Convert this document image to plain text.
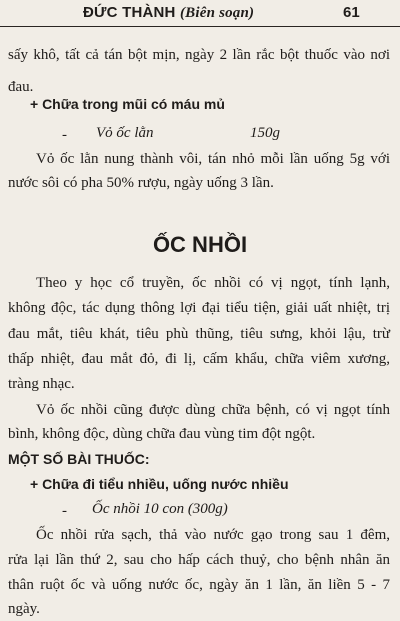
ĐỨC THÀNH (Biên soạn)	61
sấy khô, tất cả tán bột mịn, ngày 2 lần rắc bột thuốc vào nơi
đau.
+ Chữa trong mũi có máu mủ
- Vỏ ốc lằn	150g
Vỏ ốc lằn nung thành vôi, tán nhỏ mỗi lần uống 5g với
nước sôi có pha 50% rượu, ngày uống 3 lần.
ỐC NHỒI
Theo y học cổ truyền, ốc nhồi có vị ngọt, tính lạnh,
không độc, tác dụng thông lợi đại tiểu tiện, giải uất nhiệt, trị
đau mắt, tiêu khát, tiêu phù thũng, tiêu sưng, khỏi lậu, trừ
thấp nhiệt, đau mắt đỏ, đi lị, cấm khẩu, chữa viêm xương,
tràng nhạc.
Vỏ ốc nhồi cũng được dùng chữa bệnh, có vị ngọt tính
bình, không độc, dùng chữa đau vùng tim đột ngột.
MỘT SỐ BÀI THUỐC:
+ Chữa đi tiểu nhiều, uống nước nhiều
- Ốc nhồi 10 con (300g)
Ốc nhồi rửa sạch, thả vào nước gạo trong sau 1 đêm,
rửa lại lần thứ 2, sau cho hấp cách thuỷ, cho bệnh nhân ăn
thân ruột ốc và uống nước ốc, ngày ăn 1 lần, ăn liền 5 - 7
ngày.
